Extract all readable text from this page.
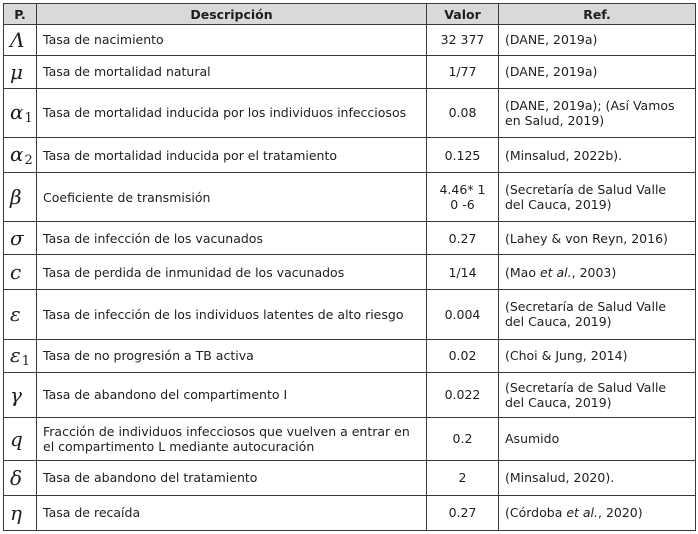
P.	Descripción	Valor	Ref.
Λ	Tasa de nacimiento	32 377	(DANE, 2019a)
μ	Tasa de mortalidad natural	1/77	(DANE, 2019a)
$\alpha_1$	Tasa de mortalidad inducida por los individuos infecciosos	0.08	(DANE, 2019a); (Así Vamos en Salud, 2019)
$\alpha_2$	Tasa de mortalidad inducida por el tratamiento	0.125	(Minsalud, 2022b).
β	Coeficiente de transmisión	4.46* 1 0 -6	(Secretaría de Salud Valle del Cauca, 2019)
σ	Tasa de infección de los vacunados	0.27	(Lahey & von Reyn, 2016)
c	Tasa de perdida de inmunidad de los vacunados	1/14	(Mao et al., 2003)
ε	Tasa de infección de los individuos latentes de alto riesgo	0.004	(Secretaría de Salud Valle del Cauca, 2019)
$\varepsilon_1$	Tasa de no progresión a TB activa	0.02	(Choi & Jung, 2014)
γ	Tasa de abandono del compartimento I	0.022	(Secretaría de Salud Valle del Cauca, 2019)
q	Fracción de individuos infecciosos que vuelven a entrar en el compartimento L mediante autocuración	0.2	Asumido
δ	Tasa de abandono del tratamiento	2	(Minsalud, 2020).
η	Tasa de recaída	0.27	(Córdoba et al., 2020)
